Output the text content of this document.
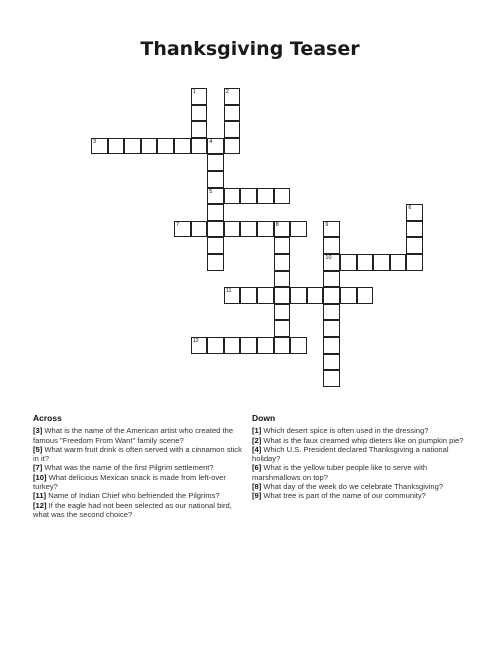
Thanksgiving Teaser
1	2
3	4
5
6
7	8	9
10
11
12
Across

[3] What is the name of the American artist who created the famous "Freedom From Want" family scene?

[5] What warm fruit drink is often served with a cinnamon stick in it?

[7] What was the name of the first Pilgrim settlement?

[10] What delicious Mexican snack is made from left-over turkey?

[11] Name of Indian Chief who befriended the Pilgrims?

[12] If the eagle had not been selected as our national bird, what was the second choice?

Down

[1] Which desert spice is often used in the dressing?

[2] What is the faux creamed whip dieters like on pumpkin pie?

[4] Which U.S. President declared Thanksgiving a national holiday?

[6] What is the yellow tuber people like to serve with marshmallows on top?

[8] What day of the week do we celebrate Thanksgiving?

[9] What tree is part of the name of our community?
